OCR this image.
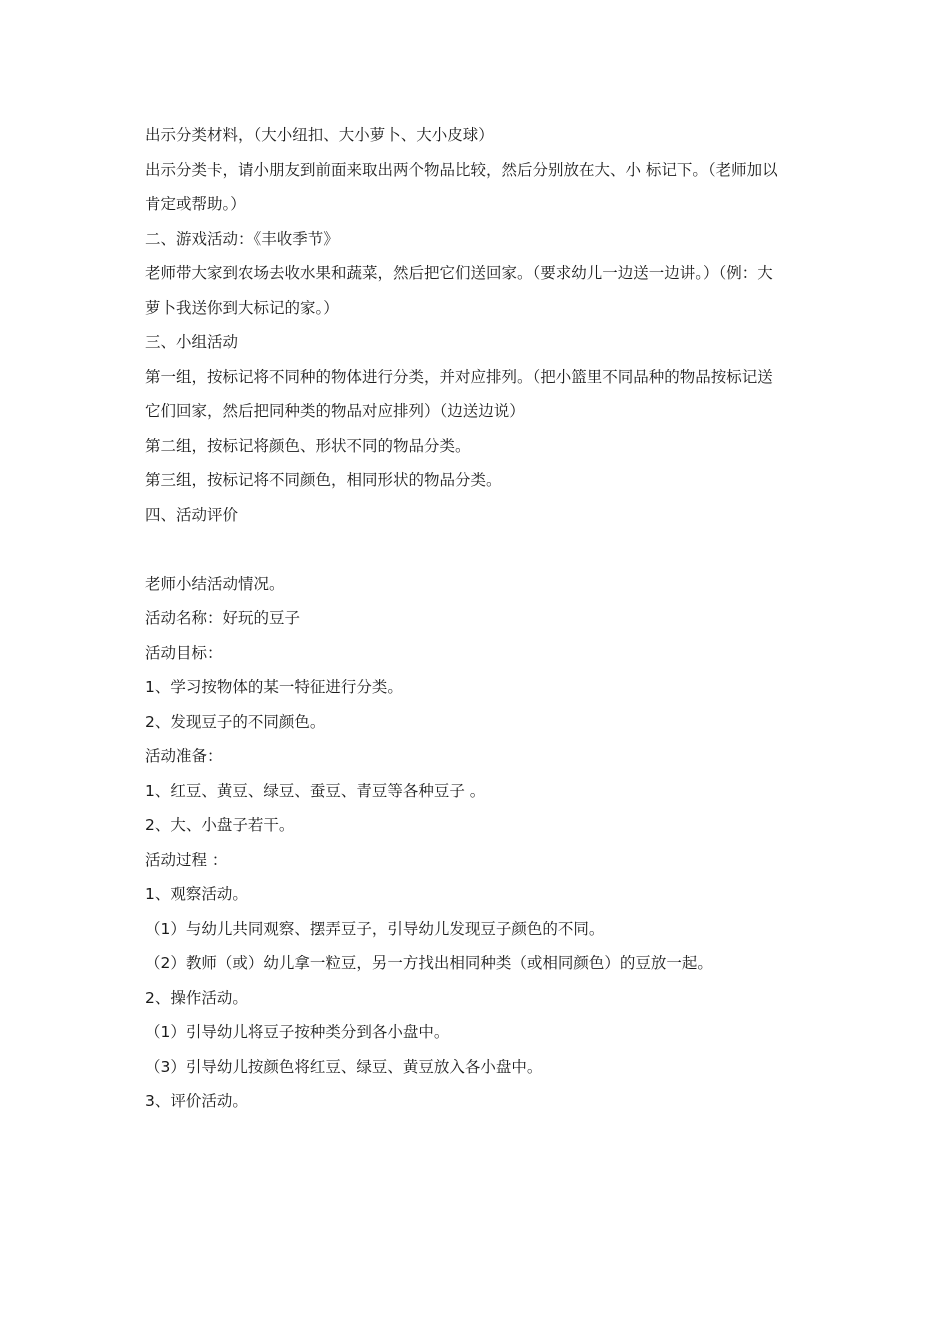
出示分类材料，（大小纽扣、大小萝卜、大小皮球）

出示分类卡，请小朋友到前面来取出两个物品比较，然后分别放在大、小 标记下。（老师加以

肯定或帮助。）

二、游戏活动：《丰收季节》

老师带大家到农场去收水果和蔬菜，然后把它们送回家。（要求幼儿一边送一边讲。）（例：大

萝卜我送你到大标记的家。）

三、小组活动

第一组，按标记将不同种的物体进行分类，并对应排列。（把小篮里不同品种的物品按标记送

它们回家，然后把同种类的物品对应排列）（边送边说）

第二组，按标记将颜色、形状不同的物品分类。

第三组，按标记将不同颜色，相同形状的物品分类。

四、活动评价

老师小结活动情况。

活动名称：好玩的豆子

活动目标：

1、学习按物体的某一特征进行分类。

2、发现豆子的不同颜色。

活动准备：

1、红豆、黄豆、绿豆、蚕豆、青豆等各种豆子 。

2、大、小盘子若干。

活动过程 ：

1、观察活动。

（1）与幼儿共同观察、摆弄豆子，引导幼儿发现豆子颜色的不同。

（2）教师（或）幼儿拿一粒豆，另一方找出相同种类（或相同颜色）的豆放一起。

2、操作活动。

（1）引导幼儿将豆子按种类分到各小盘中。

（3）引导幼儿按颜色将红豆、绿豆、黄豆放入各小盘中。

3、评价活动。
